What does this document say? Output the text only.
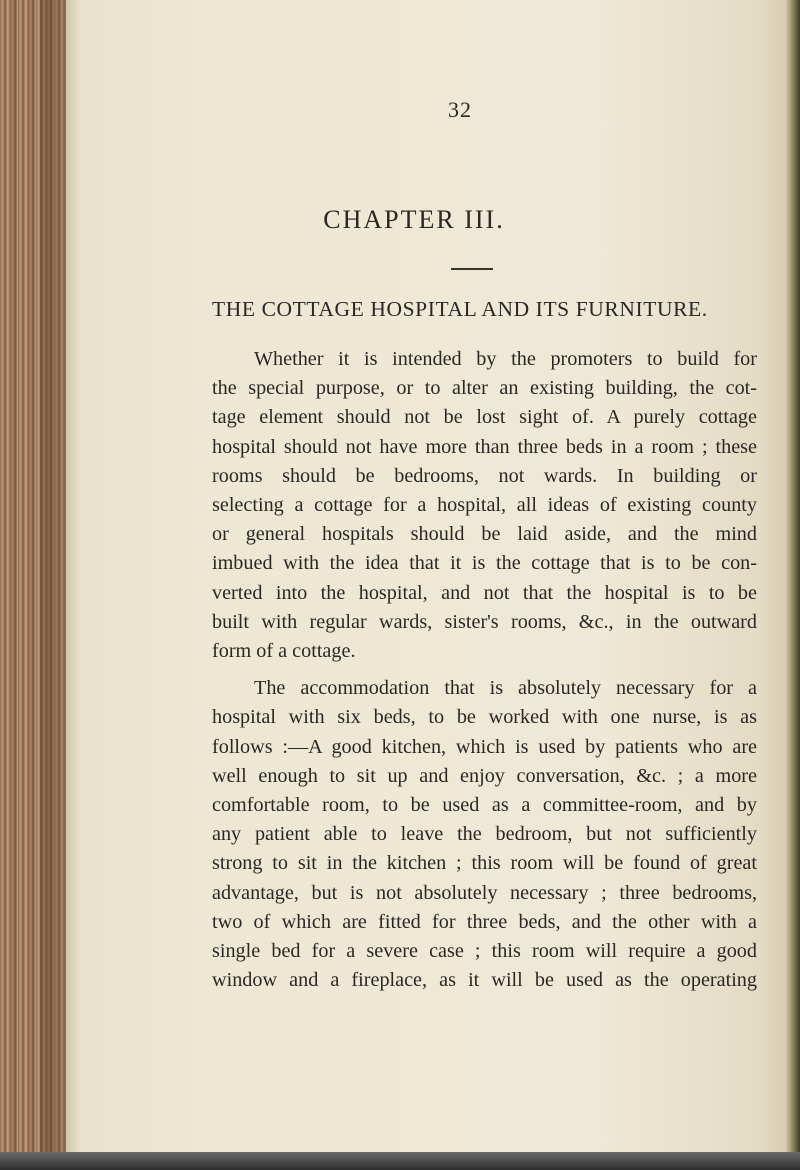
32
CHAPTER III.
THE COTTAGE HOSPITAL AND ITS FURNITURE.
Whether it is intended by the promoters to build for
the special purpose, or to alter an existing building, the cot-
tage element should not be lost sight of. A purely cottage
hospital should not have more than three beds in a room ; these
rooms should be bedrooms, not wards. In building or
selecting a cottage for a hospital, all ideas of existing county
or general hospitals should be laid aside, and the mind
imbued with the idea that it is the cottage that is to be con-
verted into the hospital, and not that the hospital is to be
built with regular wards, sister's rooms, &c., in the outward
form of a cottage.
The accommodation that is absolutely necessary for a
hospital with six beds, to be worked with one nurse, is as
follows :—A good kitchen, which is used by patients who are
well enough to sit up and enjoy conversation, &c. ; a more
comfortable room, to be used as a committee-room, and by
any patient able to leave the bedroom, but not sufficiently
strong to sit in the kitchen ; this room will be found of great
advantage, but is not absolutely necessary ; three bedrooms,
two of which are fitted for three beds, and the other with a
single bed for a severe case ; this room will require a good
window and a fireplace, as it will be used as the operating
